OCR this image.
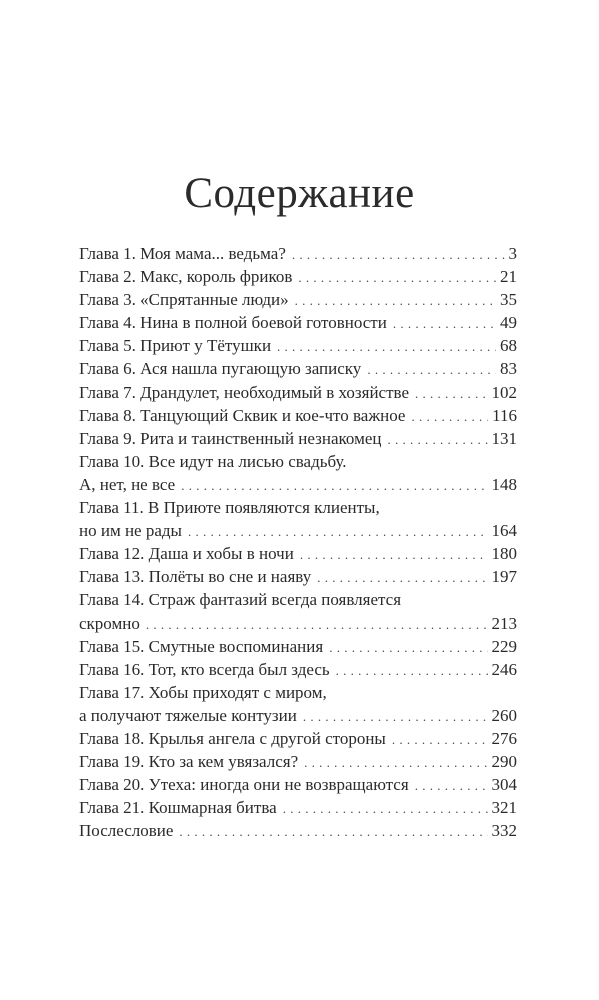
Содержание
Глава 1. Моя мама... ведьма? . . .	3
Глава 2. Макс, король фриков . . .	21
Глава 3. «Спрятанные люди» . . .	35
Глава 4. Нина в полной боевой готовности . . .	49
Глава 5. Приют у Тётушки . . .	68
Глава 6. Ася нашла пугающую записку . . .	83
Глава 7. Драндулет, необходимый в хозяйстве . . .	102
Глава 8. Танцующий Сквик и кое-что важное . . .	116
Глава 9. Рита и таинственный незнакомец . . .	131
Глава 10. Все идут на лисью свадьбу.
А, нет, не все . . .	148
Глава 11. В Приюте появляются клиенты,
но им не рады . . .	164
Глава 12. Даша и хобы в ночи . . .	180
Глава 13. Полёты во сне и наяву . . .	197
Глава 14. Страж фантазий всегда появляется
скромно . . .	213
Глава 15. Смутные воспоминания . . .	229
Глава 16. Тот, кто всегда был здесь . . .	246
Глава 17. Хобы приходят с миром,
а получают тяжелые контузии . . .	260
Глава 18. Крылья ангела с другой стороны . . .	276
Глава 19. Кто за кем увязался? . . .	290
Глава 20. Утеха: иногда они не возвращаются . . .	304
Глава 21. Кошмарная битва . . .	321
Послесловие . . .	332
